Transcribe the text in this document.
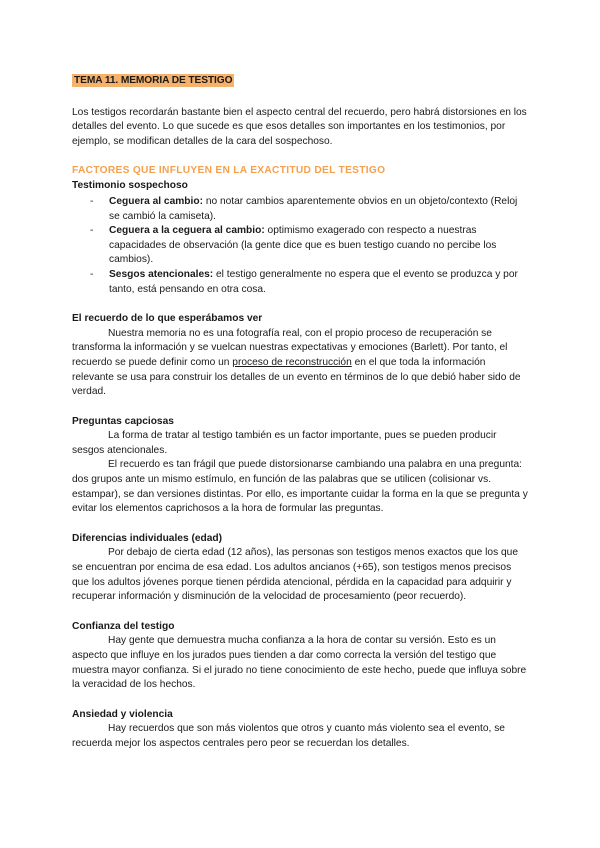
TEMA 11. MEMORIA DE TESTIGO

Los testigos recordarán bastante bien el aspecto central del recuerdo, pero habrá distorsiones en los detalles del evento. Lo que sucede es que esos detalles son importantes en los testimonios, por ejemplo, se modifican detalles de la cara del sospechoso.

FACTORES QUE INFLUYEN EN LA EXACTITUD DEL TESTIGO

Testimonio sospechoso

- Ceguera al cambio: no notar cambios aparentemente obvios en un objeto/contexto (Reloj se cambió la camiseta).
- Ceguera a la ceguera al cambio: optimismo exagerado con respecto a nuestras capacidades de observación (la gente dice que es buen testigo cuando no percibe los cambios).
- Sesgos atencionales: el testigo generalmente no espera que el evento se produzca y por tanto, está pensando en otra cosa.

El recuerdo de lo que esperábamos ver

Nuestra memoria no es una fotografía real, con el propio proceso de recuperación se transforma la información y se vuelcan nuestras expectativas y emociones (Barlett). Por tanto, el recuerdo se puede definir como un proceso de reconstrucción en el que toda la información relevante se usa para construir los detalles de un evento en términos de lo que debió haber sido de verdad.

Preguntas capciosas

La forma de tratar al testigo también es un factor importante, pues se pueden producir sesgos atencionales.

El recuerdo es tan frágil que puede distorsionarse cambiando una palabra en una pregunta: dos grupos ante un mismo estímulo, en función de las palabras que se utilicen (colisionar vs. estampar), se dan versiones distintas. Por ello, es importante cuidar la forma en la que se pregunta y evitar los elementos caprichosos a la hora de formular las preguntas.

Diferencias individuales (edad)

Por debajo de cierta edad (12 años), las personas son testigos menos exactos que los que se encuentran por encima de esa edad. Los adultos ancianos (+65), son testigos menos precisos que los adultos jóvenes porque tienen pérdida atencional, pérdida en la capacidad para adquirir y recuperar información y disminución de la velocidad de procesamiento (peor recuerdo).

Confianza del testigo

Hay gente que demuestra mucha confianza a la hora de contar su versión. Esto es un aspecto que influye en los jurados pues tienden a dar como correcta la versión del testigo que muestra mayor confianza. Si el jurado no tiene conocimiento de este hecho, puede que influya sobre la veracidad de los hechos.

Ansiedad y violencia

Hay recuerdos que son más violentos que otros y cuanto más violento sea el evento, se recuerda mejor los aspectos centrales pero peor se recuerdan los detalles.
